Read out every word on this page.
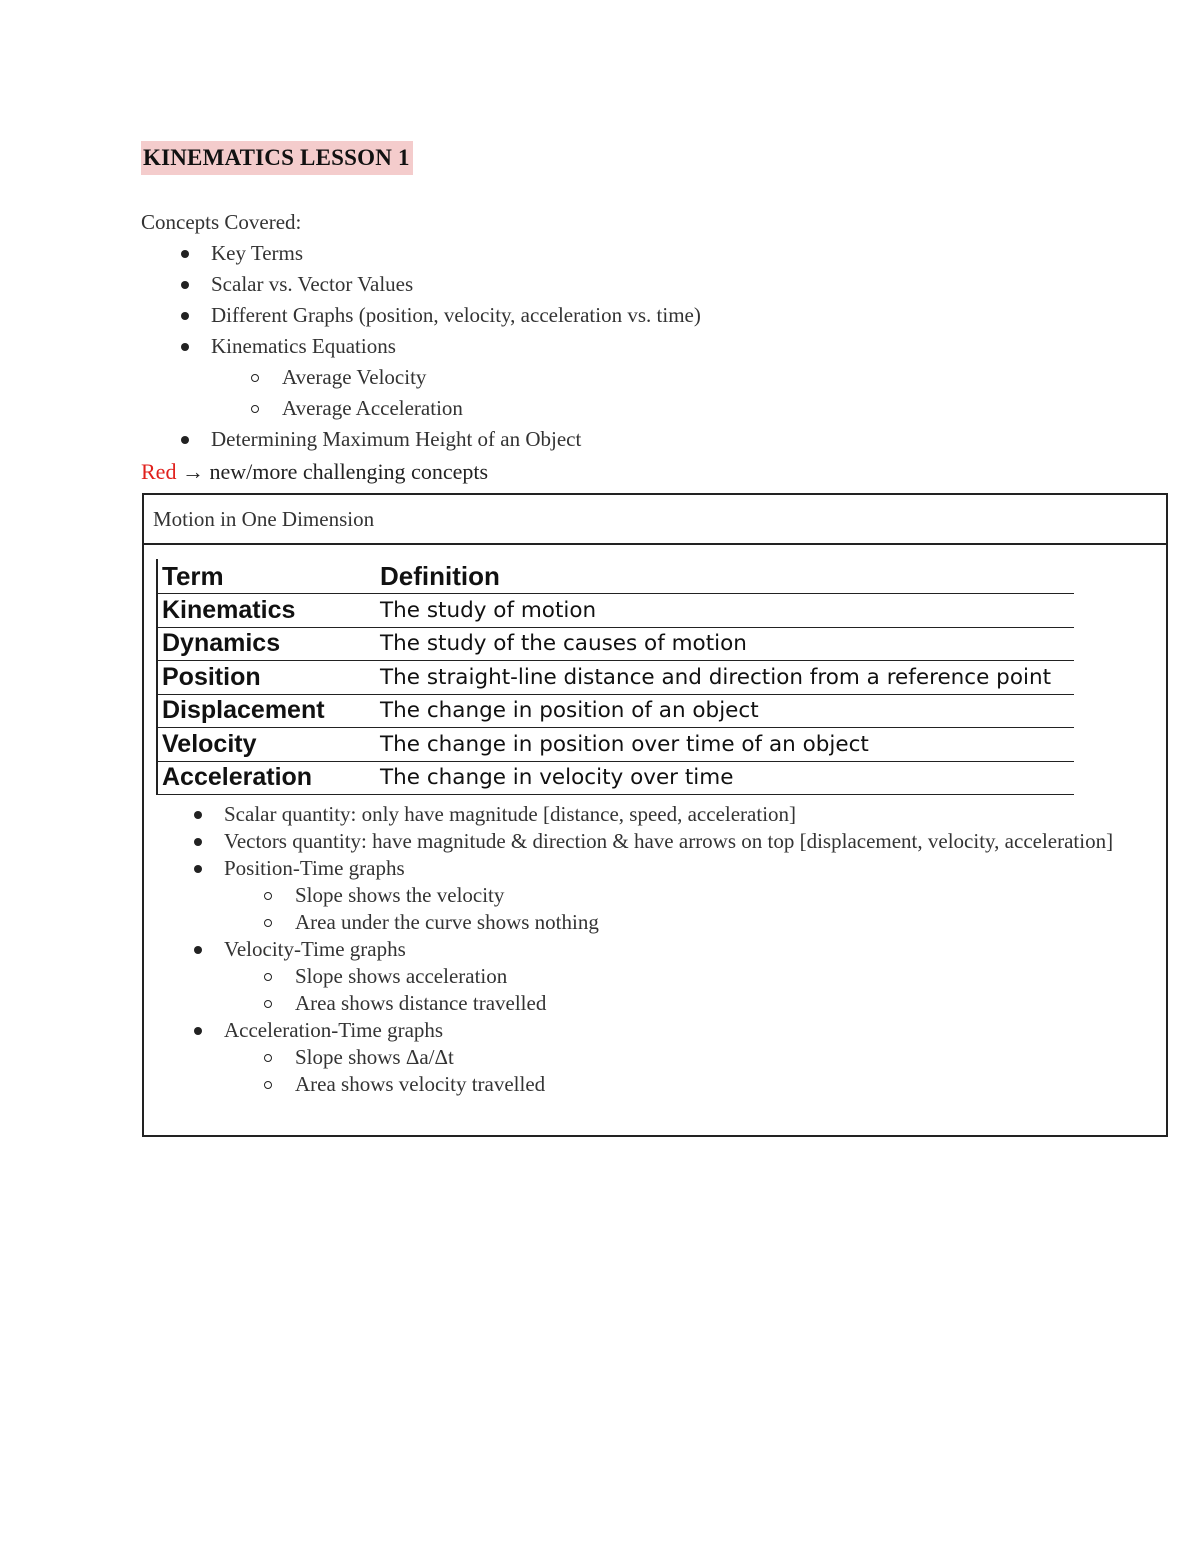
KINEMATICS LESSON 1
Concepts Covered:
Key Terms
Scalar vs. Vector Values
Different Graphs (position, velocity, acceleration vs. time)
Kinematics Equations
Average Velocity
Average Acceleration
Determining Maximum Height of an Object
Red → new/more challenging concepts
Motion in One Dimension
Term	Definition
Kinematics	The study of motion
Dynamics	The study of the causes of motion
Position	The straight-line distance and direction from a reference point
Displacement	The change in position of an object
Velocity	The change in position over time of an object
Acceleration	The change in velocity over time
Scalar quantity: only have magnitude [distance, speed, acceleration]
Vectors quantity: have magnitude & direction & have arrows on top [displacement, velocity, acceleration]
Position-Time graphs
Slope shows the velocity
Area under the curve shows nothing
Velocity-Time graphs
Slope shows acceleration
Area shows distance travelled
Acceleration-Time graphs
Slope shows Δa/Δt
Area shows velocity travelled
